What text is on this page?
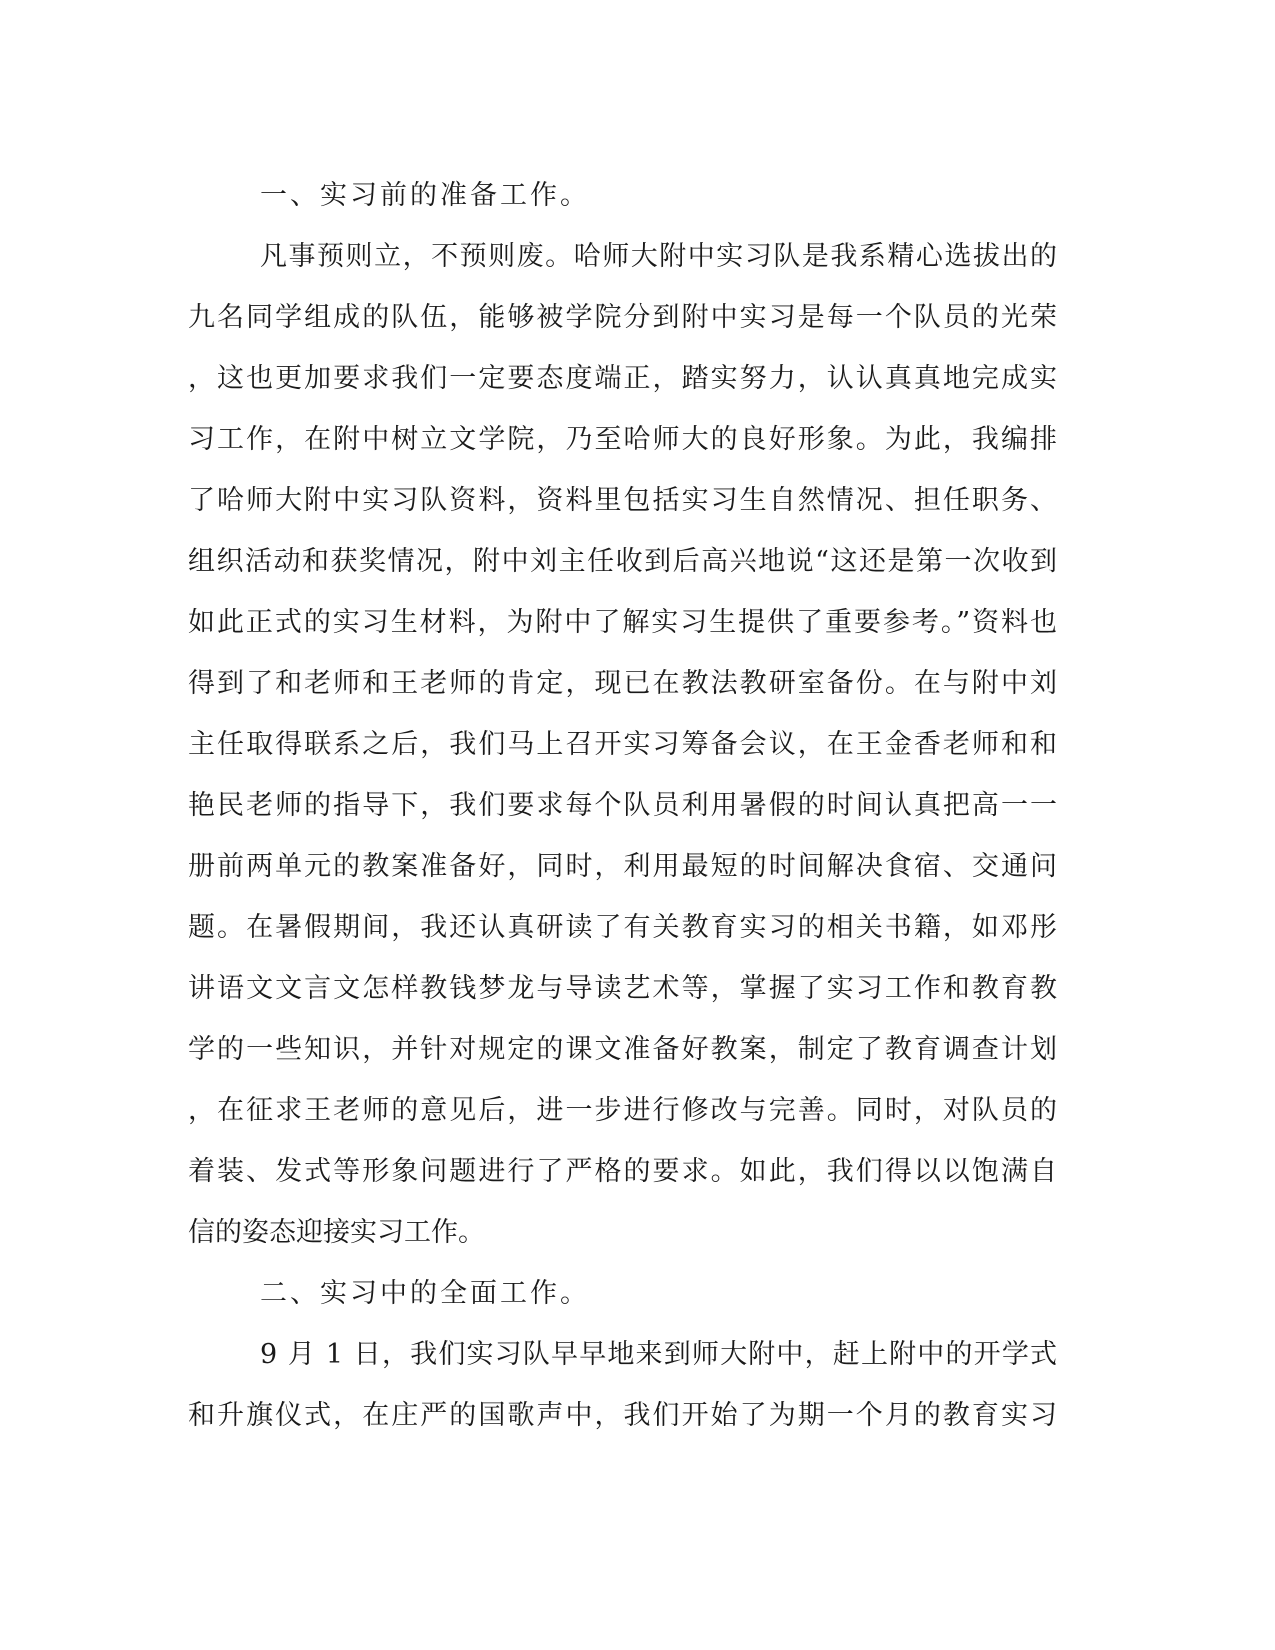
一、实习前的准备工作。
凡事预则立，不预则废。哈师大附中实习队是我系精心选拔出的
九名同学组成的队伍，能够被学院分到附中实习是每一个队员的光荣
，这也更加要求我们一定要态度端正，踏实努力，认认真真地完成实
习工作，在附中树立文学院，乃至哈师大的良好形象。为此，我编排
了哈师大附中实习队资料，资料里包括实习生自然情况、担任职务、
组织活动和获奖情况，附中刘主任收到后高兴地说“这还是第一次收到
如此正式的实习生材料，为附中了解实习生提供了重要参考。”资料也
得到了和老师和王老师的肯定，现已在教法教研室备份。在与附中刘
主任取得联系之后，我们马上召开实习筹备会议，在王金香老师和和
艳民老师的指导下，我们要求每个队员利用暑假的时间认真把高一一
册前两单元的教案准备好，同时，利用最短的时间解决食宿、交通问
题。在暑假期间，我还认真研读了有关教育实习的相关书籍，如邓彤
讲语文文言文怎样教钱梦龙与导读艺术等，掌握了实习工作和教育教
学的一些知识，并针对规定的课文准备好教案，制定了教育调查计划
，在征求王老师的意见后，进一步进行修改与完善。同时，对队员的
着装、发式等形象问题进行了严格的要求。如此，我们得以以饱满自
信的姿态迎接实习工作。
二、实习中的全面工作。
9 月 1 日，我们实习队早早地来到师大附中，赶上附中的开学式
和升旗仪式，在庄严的国歌声中，我们开始了为期一个月的教育实习
